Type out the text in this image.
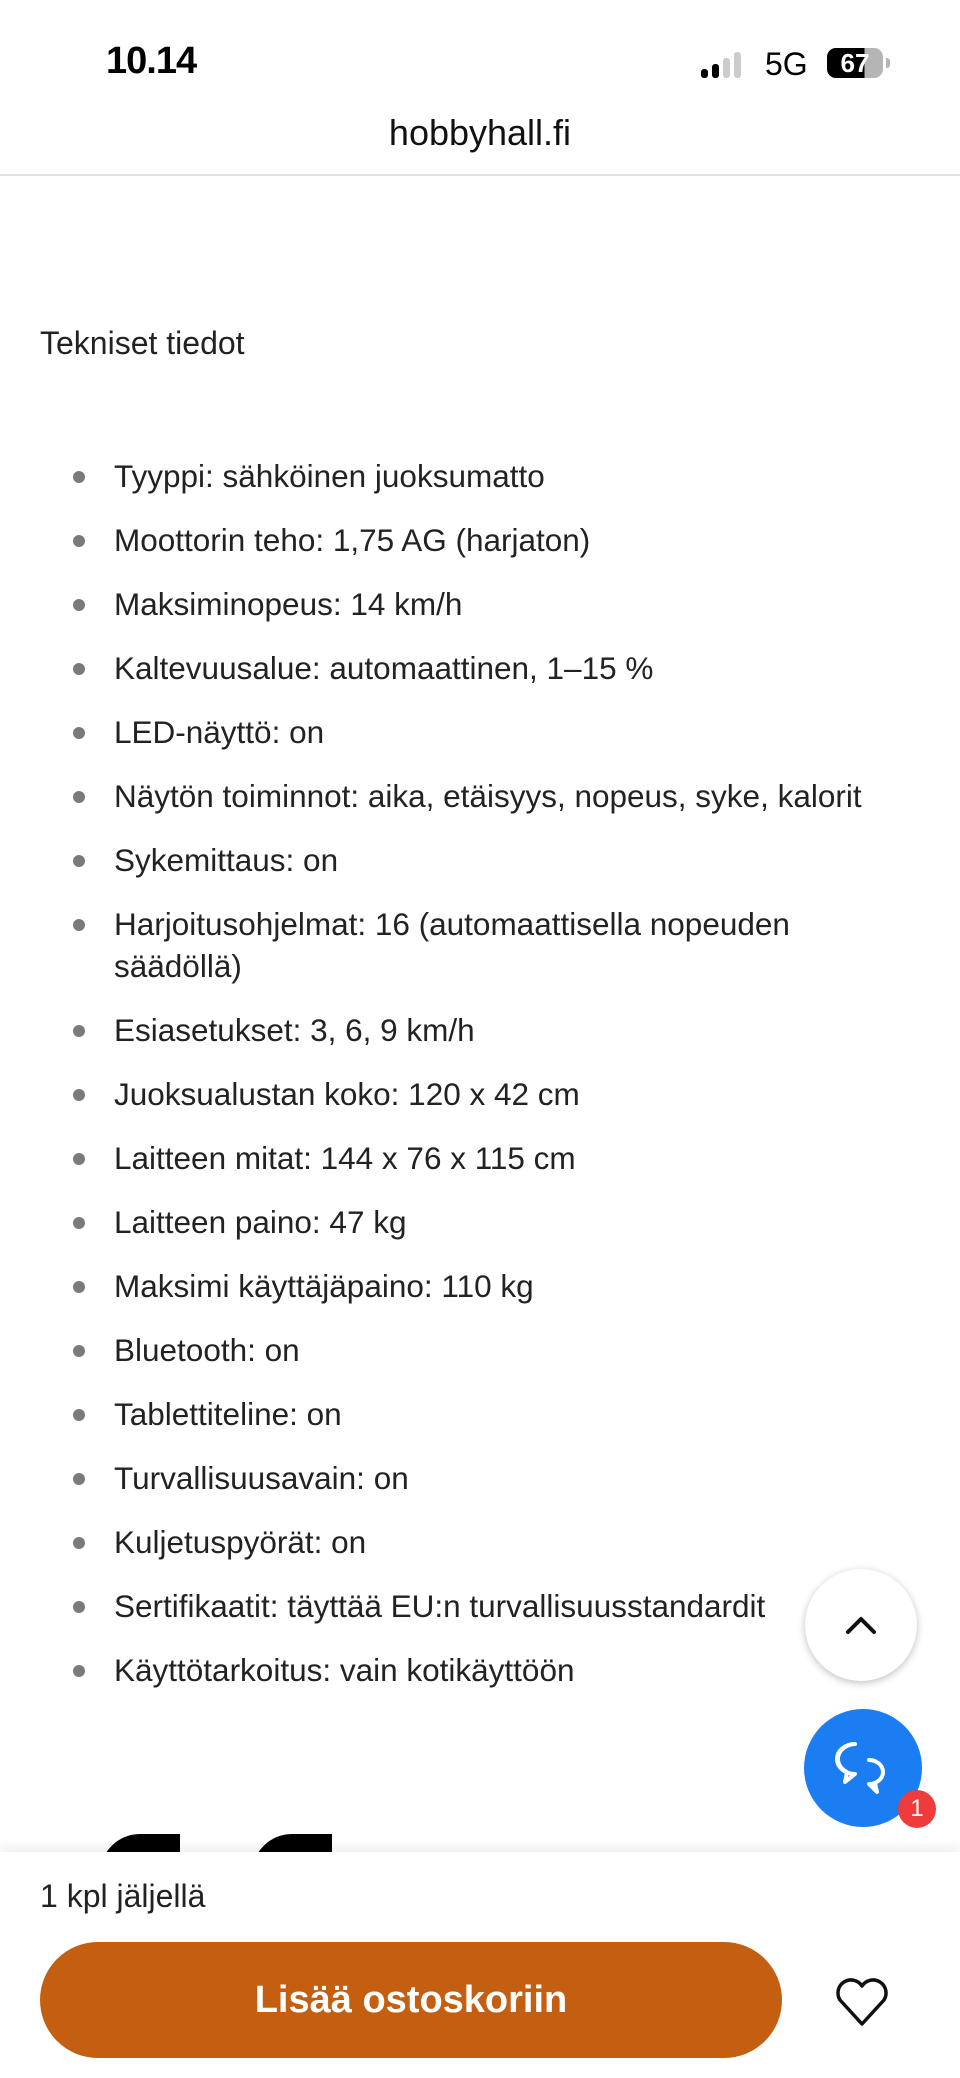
10.14	5G	67
hobbyhall.fi
Tekniset tiedot
Tyyppi: sähköinen juoksumatto
Moottorin teho: 1,75 AG (harjaton)
Maksiminopeus: 14 km/h
Kaltevuusalue: automaattinen, 1–15 %
LED-näyttö: on
Näytön toiminnot: aika, etäisyys, nopeus, syke, kalorit
Sykemittaus: on
Harjoitusohjelmat: 16 (automaattisella nopeuden säädöllä)
Esiasetukset: 3, 6, 9 km/h
Juoksualustan koko: 120 x 42 cm
Laitteen mitat: 144 x 76 x 115 cm
Laitteen paino: 47 kg
Maksimi käyttäjäpaino: 110 kg
Bluetooth: on
Tablettiteline: on
Turvallisuusavain: on
Kuljetuspyörät: on
Sertifikaatit: täyttää EU:n turvallisuusstandardit
Käyttötarkoitus: vain kotikäyttöön
1
1 kpl jäljellä
Lisää ostoskoriin
